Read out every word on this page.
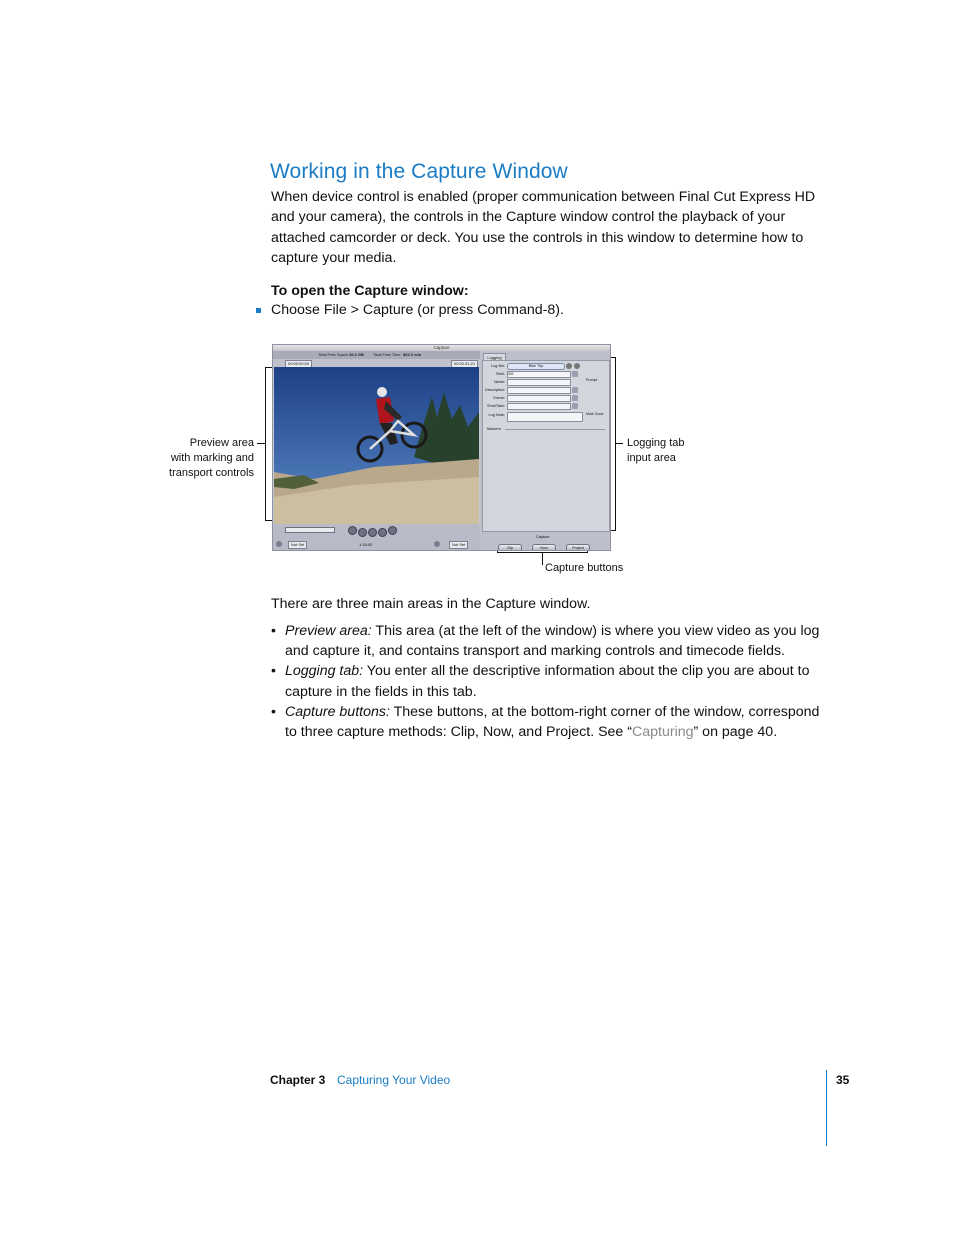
Working in the Capture Window

When device control is enabled (proper communication between Final Cut Express HD and your camera), the controls in the Capture window control the playback of your attached camcorder or deck. You use the controls in this window to determine how to capture your media.

To open the Capture window:

Choose File > Capture (or press Command-8).

Preview area
with marking and
transport controls
Logging tab
input area
Capture buttons
Capture
Total Free Space 49.2 GB Total Free Time 862.3 min
00:00:00;00	00:02:31;21
Not Set	1:15:00	Not Set
Logging
Log Bin:	Bike Trip
Reel: 001
Name:	Prompt
Description:
Scene:
Shot/Take:
Log Note:	Mark Good
Markers
Capture
Clip	Now	Project

There are three main areas in the Capture window.

• Preview area: This area (at the left of the window) is where you view video as you log and capture it, and contains transport and marking controls and timecode fields.
• Logging tab: You enter all the descriptive information about the clip you are about to capture in the fields in this tab.
• Capture buttons: These buttons, at the bottom-right corner of the window, correspond to three capture methods: Clip, Now, and Project. See “Capturing” on page 40.
Chapter 3 Capturing Your Video	35
